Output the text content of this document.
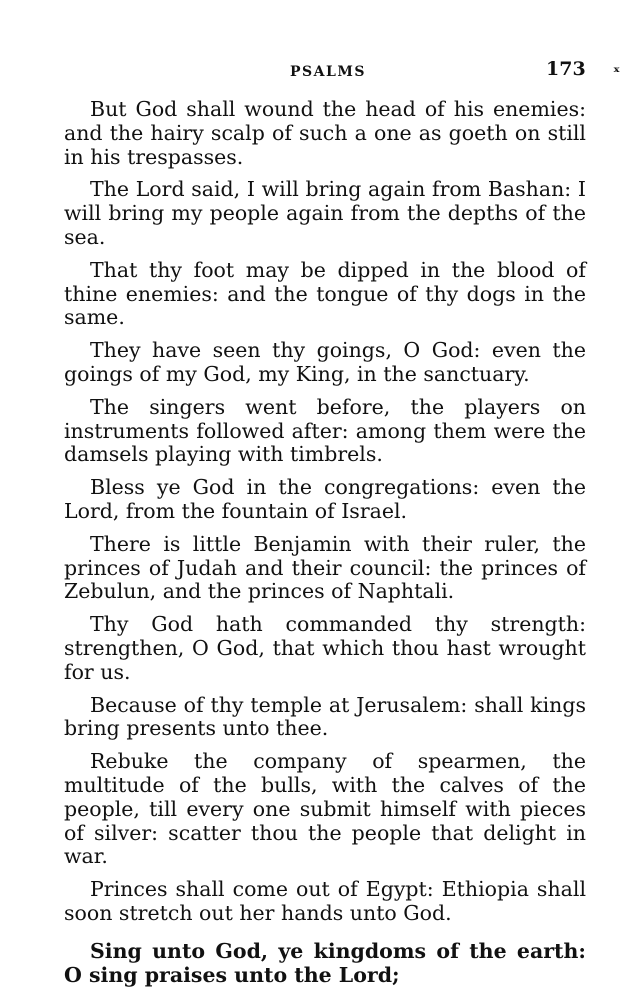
PSALMS	173 ˣ

But God shall wound the head of his enemies: and the hairy scalp of such a one as goeth on still in his trespasses.

The Lord said, I will bring again from Bashan: I will bring my people again from the depths of the sea.

That thy foot may be dipped in the blood of thine enemies: and the tongue of thy dogs in the same.

They have seen thy goings, O God: even the goings of my God, my King, in the sanctuary.

The singers went before, the players on instruments followed after: among them were the damsels playing with timbrels.

Bless ye God in the congregations: even the Lord, from the fountain of Israel.

There is little Benjamin with their ruler, the princes of Judah and their council: the princes of Zebulun, and the princes of Naphtali.

Thy God hath commanded thy strength: strengthen, O God, that which thou hast wrought for us.

Because of thy temple at Jerusalem: shall kings bring presents unto thee.

Rebuke the company of spearmen, the multitude of the bulls, with the calves of the people, till every one submit himself with pieces of silver: scatter thou the people that delight in war.

Princes shall come out of Egypt: Ethiopia shall soon stretch out her hands unto God.

Sing unto God, ye kingdoms of the earth: O sing praises unto the Lord;
